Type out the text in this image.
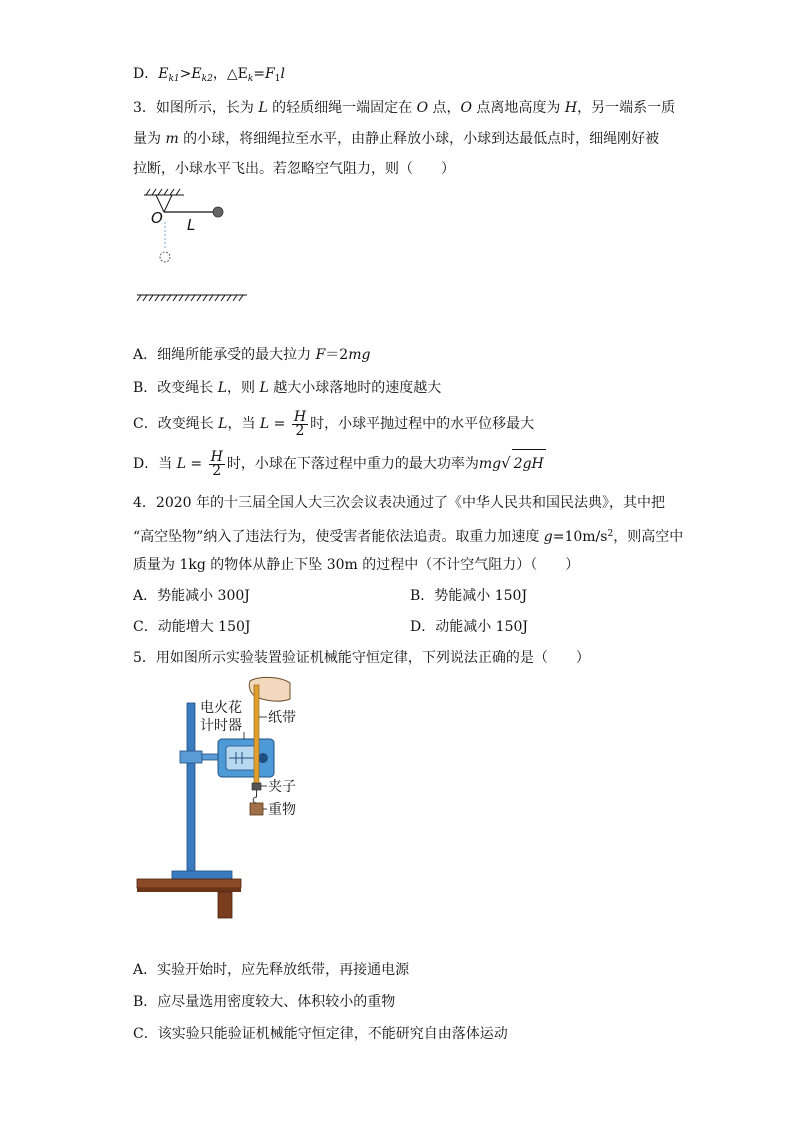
D．$E_{k1}>E_{k2}$，$\triangle E_k=F_1l$
3．如图所示，长为 L 的轻质细绳一端固定在 O 点，O 点离地高度为 H，另一端系一质
量为 m 的小球，将细绳拉至水平，由静止释放小球，小球到达最低点时，细绳刚好被
拉断，小球水平飞出。若忽略空气阻力，则（　　）
O L
A．细绳所能承受的最大拉力 F＝2mg
B．改变绳长 L，则 L 越大小球落地时的速度越大
C．改变绳长 L，当 $L = \frac{H}{2}$ 时，小球平抛过程中的水平位移最大
D．当 $L = \frac{H}{2}$ 时，小球在下落过程中重力的最大功率为mg√ 2gH
4．2020 年的十三届全国人大三次会议表决通过了《中华人民共和国民法典》，其中把
“高空坠物”纳入了违法行为，使受害者能依法追责。取重力加速度 $g=10m/s^2$，则高空中
质量为 1kg 的物体从静止下坠 30m 的过程中（不计空气阻力）（　　）
A．势能减小 300J	B．势能减小 150J
C．动能增大 150J	D．动能减小 150J
5．用如图所示实验装置验证机械能守恒定律，下列说法正确的是（　　）
电火花
计时器 纸带
夹子
重物
A．实验开始时，应先释放纸带，再接通电源
B．应尽量选用密度较大、体积较小的重物
C．该实验只能验证机械能守恒定律，不能研究自由落体运动
